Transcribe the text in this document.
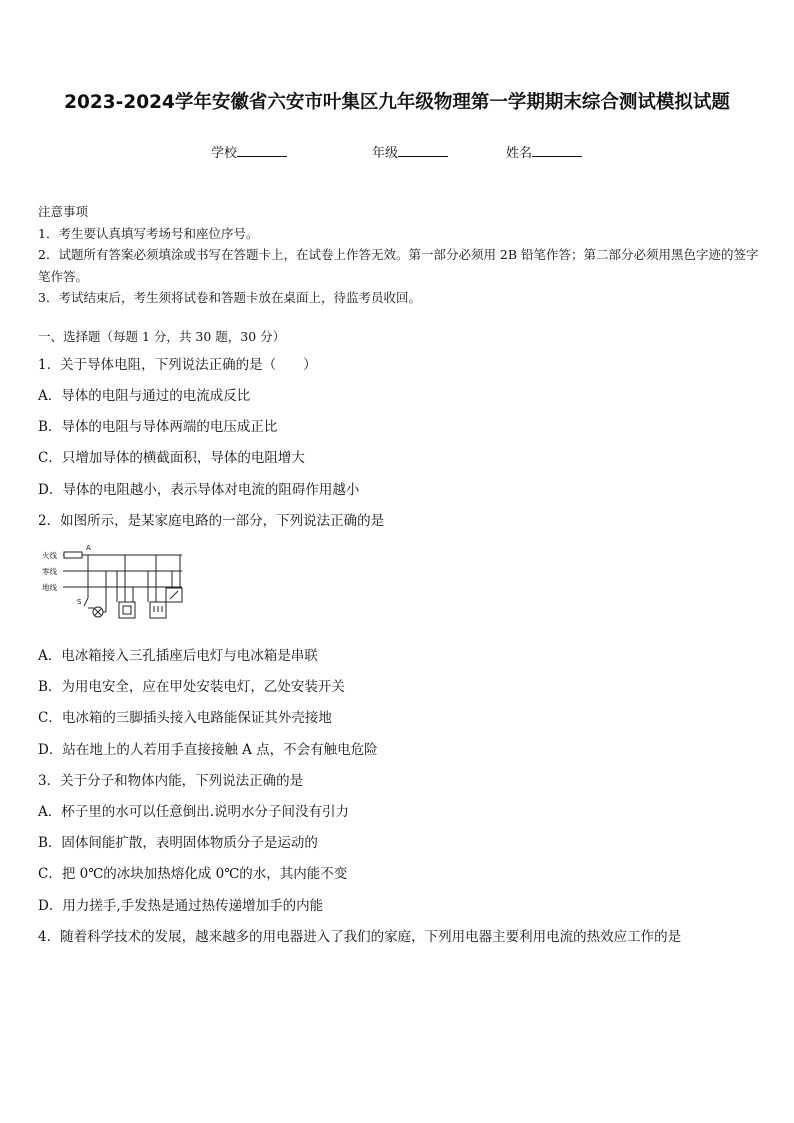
2023-2024学年安徽省六安市叶集区九年级物理第一学期期末综合测试模拟试题
学校	年级	姓名

注意事项

1．考生要认真填写考场号和座位序号。

2．试题所有答案必须填涂或书写在答题卡上，在试卷上作答无效。第一部分必须用 2B 铅笔作答；第二部分必须用黑色字迹的签字笔作答。

3．考试结束后，考生须将试卷和答题卡放在桌面上，待监考员收回。

一、选择题（每题 1 分，共 30 题，30 分）
1．关于导体电阻，下列说法正确的是（　　）
A．导体的电阻与通过的电流成反比
B．导体的电阻与导体两端的电压成正比
C．只增加导体的横截面积，导体的电阻增大
D．导体的电阻越小，表示导体对电流的阻碍作用越小
2．如图所示，是某家庭电路的一部分，下列说法正确的是
火线
零线
地线
A
S
A．电冰箱接入三孔插座后电灯与电冰箱是串联
B．为用电安全，应在甲处安装电灯，乙处安装开关
C．电冰箱的三脚插头接入电路能保证其外壳接地
D．站在地上的人若用手直接接触 A 点，不会有触电危险
3．关于分子和物体内能，下列说法正确的是
A．杯子里的水可以任意倒出.说明水分子间没有引力
B．固体间能扩散，表明固体物质分子是运动的
C．把 0℃的冰块加热熔化成 0℃的水，其内能不变
D．用力搓手,手发热是通过热传递增加手的内能
4．随着科学技术的发展，越来越多的用电器进入了我们的家庭，下列用电器主要利用电流的热效应工作的是
